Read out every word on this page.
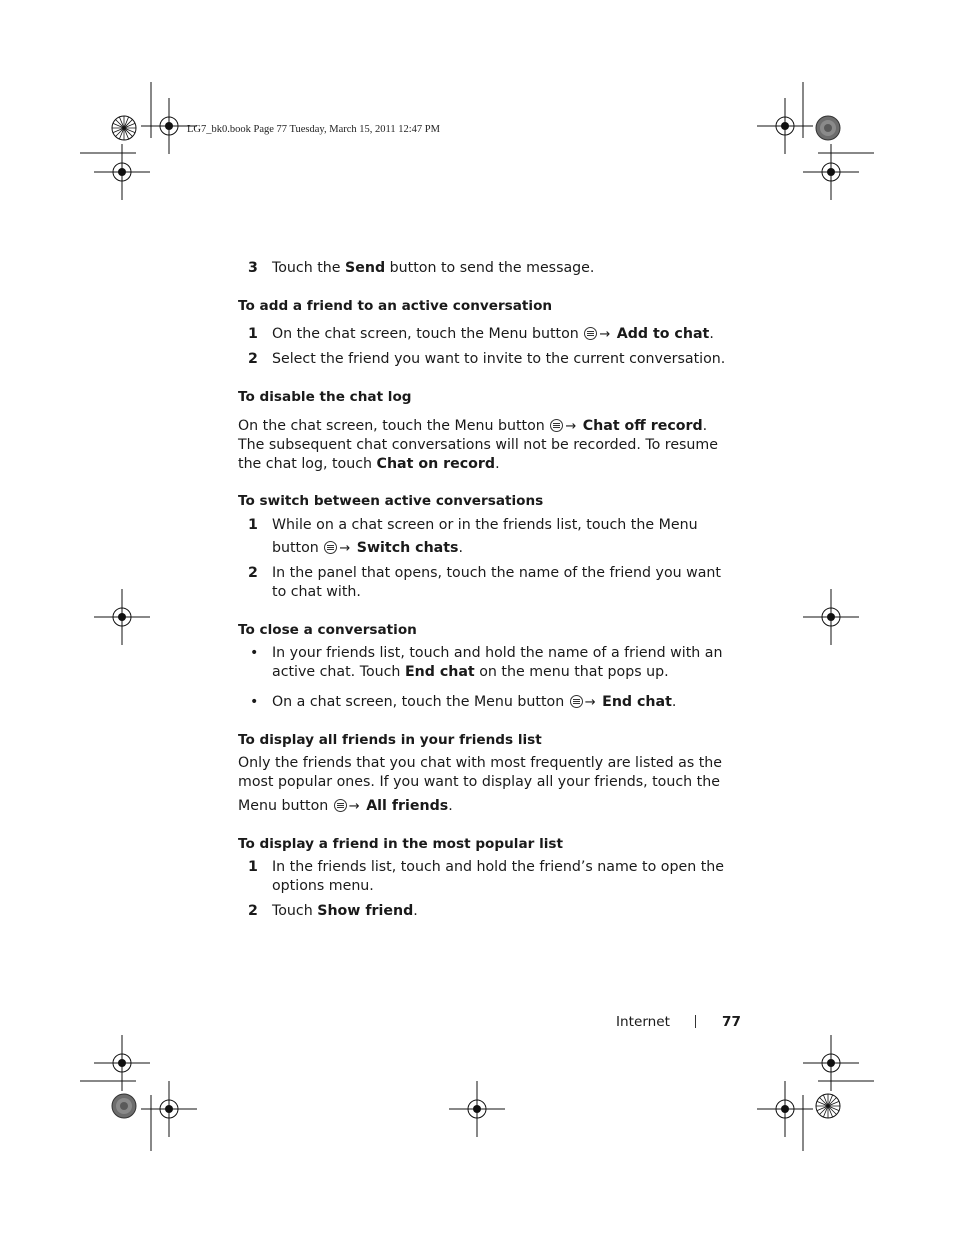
LG7_bk0.book Page 77 Tuesday, March 15, 2011 12:47 PM
3 Touch the Send button to send the message.
To add a friend to an active conversation
1 On the chat screen, touch the Menu button → Add to chat.
2 Select the friend you want to invite to the current conversation.
To disable the chat log
On the chat screen, touch the Menu button → Chat off record. The subsequent chat conversations will not be recorded. To resume the chat log, touch Chat on record.
To switch between active conversations
1 While on a chat screen or in the friends list, touch the Menu
button → Switch chats.
2 In the panel that opens, touch the name of the friend you want to chat with.
To close a conversation
• In your friends list, touch and hold the name of a friend with an active chat. Touch End chat on the menu that pops up.
• On a chat screen, touch the Menu button → End chat.
To display all friends in your friends list
Only the friends that you chat with most frequently are listed as the most popular ones. If you want to display all your friends, touch the
Menu button → All friends.
To display a friend in the most popular list
1 In the friends list, touch and hold the friend’s name to open the options menu.
2 Touch Show friend.
Internet	77
